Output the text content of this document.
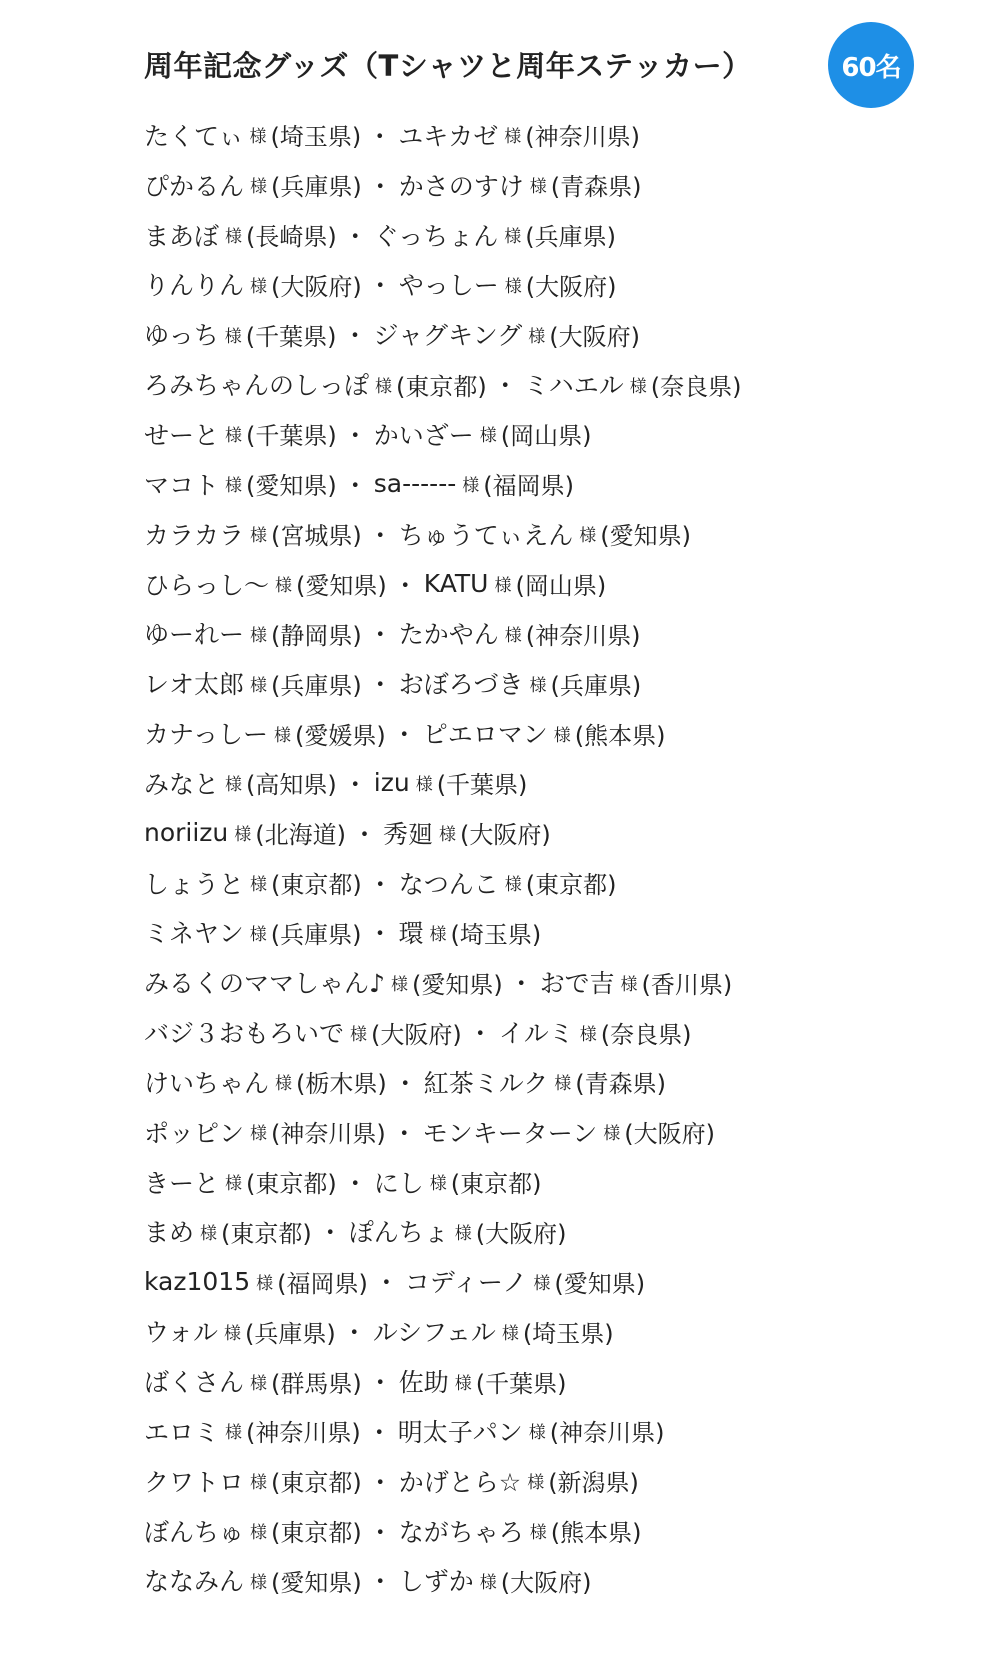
周年記念グッズ（Tシャツと周年ステッカー）	60名
たくてぃ 様 (埼玉県) ・ ユキカゼ 様 (神奈川県)
ぴかるん 様 (兵庫県) ・ かさのすけ 様 (青森県)
まあぼ 様 (長崎県) ・ ぐっちょん 様 (兵庫県)
りんりん 様 (大阪府) ・ やっしー 様 (大阪府)
ゆっち 様 (千葉県) ・ ジャグキング 様 (大阪府)
ろみちゃんのしっぽ 様 (東京都) ・ ミハエル 様 (奈良県)
せーと 様 (千葉県) ・ かいざー 様 (岡山県)
マコト 様 (愛知県) ・ sa------ 様 (福岡県)
カラカラ 様 (宮城県) ・ ちゅうてぃえん 様 (愛知県)
ひらっし〜 様 (愛知県) ・ KATU 様 (岡山県)
ゆーれー 様 (静岡県) ・ たかやん 様 (神奈川県)
レオ太郎 様 (兵庫県) ・ おぼろづき 様 (兵庫県)
カナっしー 様 (愛媛県) ・ ピエロマン 様 (熊本県)
みなと 様 (高知県) ・ izu 様 (千葉県)
noriizu 様 (北海道) ・ 秀廻 様 (大阪府)
しょうと 様 (東京都) ・ なつんこ 様 (東京都)
ミネヤン 様 (兵庫県) ・ 環 様 (埼玉県)
みるくのママしゃん♪ 様 (愛知県) ・ おで吉 様 (香川県)
バジ３おもろいで 様 (大阪府) ・ イルミ 様 (奈良県)
けいちゃん 様 (栃木県) ・ 紅茶ミルク 様 (青森県)
ポッピン 様 (神奈川県) ・ モンキーターン 様 (大阪府)
きーと 様 (東京都) ・ にし 様 (東京都)
まめ 様 (東京都) ・ ぽんちょ 様 (大阪府)
kaz1015 様 (福岡県) ・ コディーノ 様 (愛知県)
ウォル 様 (兵庫県) ・ ルシフェル 様 (埼玉県)
ばくさん 様 (群馬県) ・ 佐助 様 (千葉県)
エロミ 様 (神奈川県) ・ 明太子パン 様 (神奈川県)
クワトロ 様 (東京都) ・ かげとら☆ 様 (新潟県)
ぼんちゅ 様 (東京都) ・ ながちゃろ 様 (熊本県)
ななみん 様 (愛知県) ・ しずか 様 (大阪府)
